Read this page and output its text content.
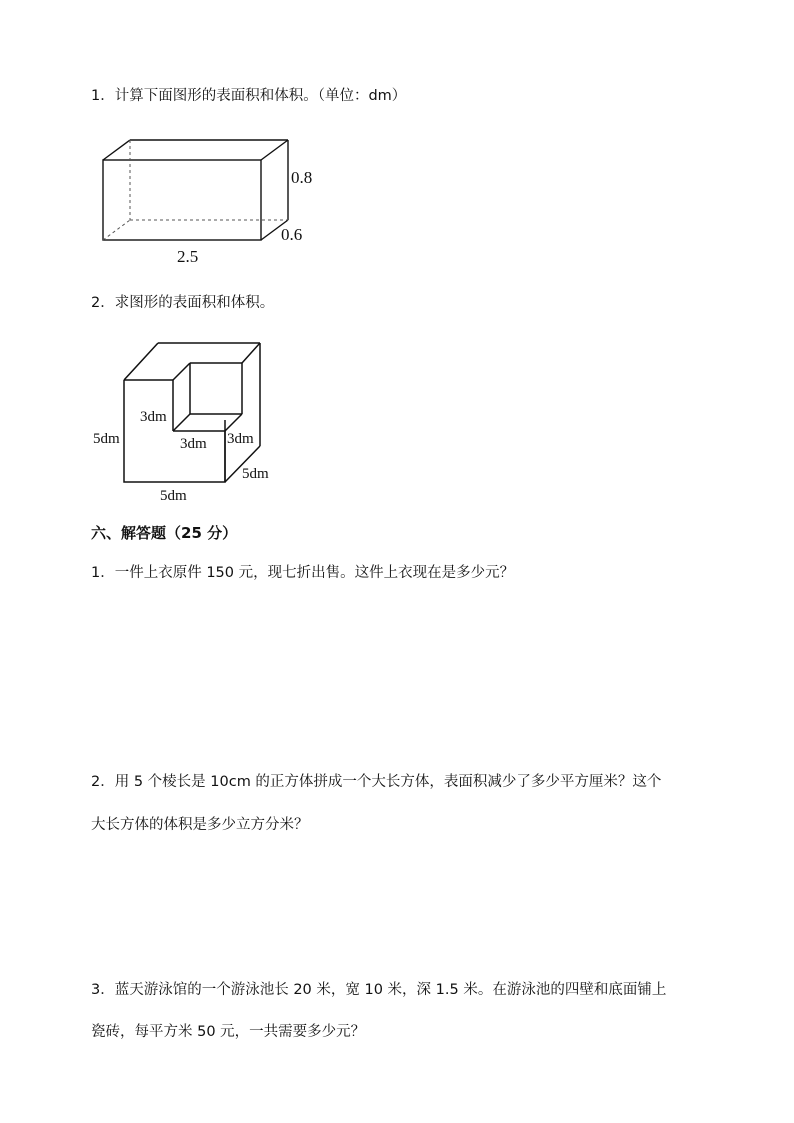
1．计算下面图形的表面积和体积。（单位：dm）
0.8
0.6
2.5
2．求图形的表面积和体积。
5dm
5dm
5dm
3dm
3dm 3dm
六、解答题（25 分）
1．一件上衣原件 150 元，现七折出售。这件上衣现在是多少元？
2．用 5 个棱长是 10cm 的正方体拼成一个大长方体，表面积减少了多少平方厘米？这个
大长方体的体积是多少立方分米？
3．蓝天游泳馆的一个游泳池长 20 米，宽 10 米，深 1.5 米。在游泳池的四壁和底面铺上
瓷砖，每平方米 50 元，一共需要多少元？
